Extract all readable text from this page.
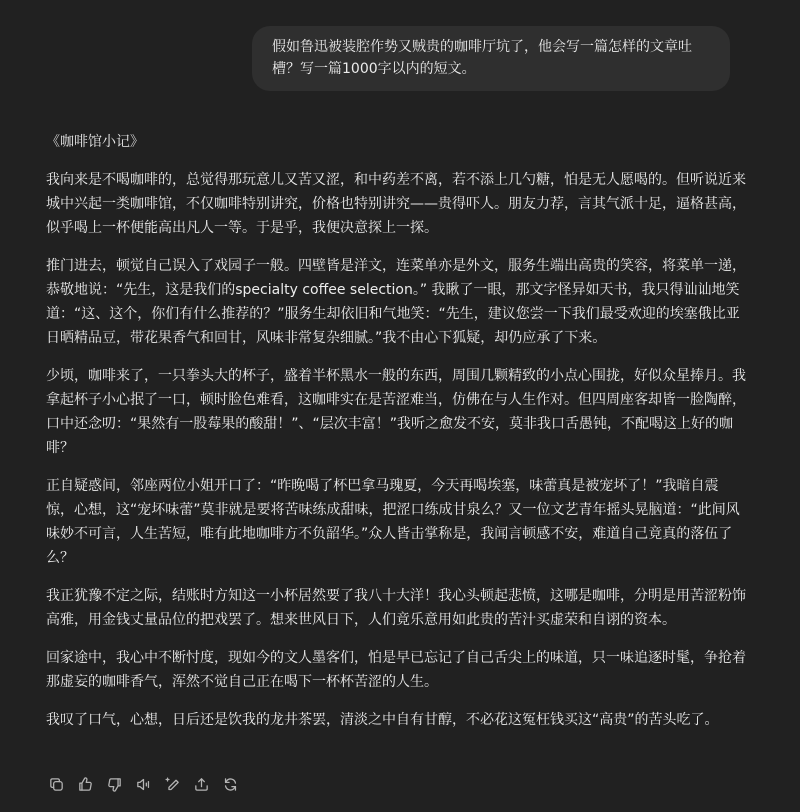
假如鲁迅被装腔作势又贼贵的咖啡厅坑了，他会写一篇怎样的文章吐槽？写一篇1000字以内的短文。

《咖啡馆小记》

我向来是不喝咖啡的，总觉得那玩意儿又苦又涩，和中药差不离，若不添上几勺糖，怕是无人愿喝的。但听说近来城中兴起一类咖啡馆，不仅咖啡特别讲究，价格也特别讲究——贵得吓人。朋友力荐，言其气派十足，逼格甚高，似乎喝上一杯便能高出凡人一等。于是乎，我便决意探上一探。

推门进去，顿觉自己误入了戏园子一般。四壁皆是洋文，连菜单亦是外文，服务生端出高贵的笑容，将菜单一递，恭敬地说：“先生，这是我们的specialty coffee selection。” 我瞅了一眼，那文字怪异如天书，我只得讪讪地笑道：“这、这个，你们有什么推荐的？”服务生却依旧和气地笑：“先生，建议您尝一下我们最受欢迎的埃塞俄比亚日晒精品豆，带花果香气和回甘，风味非常复杂细腻。”我不由心下狐疑，却仍应承了下来。

少顷，咖啡来了，一只拳头大的杯子，盛着半杯黑水一般的东西，周围几颗精致的小点心围拢，好似众星捧月。我拿起杯子小心抿了一口，顿时脸色难看，这咖啡实在是苦涩难当，仿佛在与人生作对。但四周座客却皆一脸陶醉，口中还念叨：“果然有一股莓果的酸甜！”、“层次丰富！”我听之愈发不安，莫非我口舌愚钝，不配喝这上好的咖啡？

正自疑惑间，邻座两位小姐开口了：“昨晚喝了杯巴拿马瑰夏，今天再喝埃塞，味蕾真是被宠坏了！”我暗自震惊，心想，这“宠坏味蕾”莫非就是要将苦味练成甜味，把涩口练成甘泉么？又一位文艺青年摇头晃脑道：“此间风味妙不可言，人生苦短，唯有此地咖啡方不负韶华。”众人皆击掌称是，我闻言顿感不安，难道自己竟真的落伍了么？

我正犹豫不定之际，结账时方知这一小杯居然要了我八十大洋！我心头顿起悲愤，这哪是咖啡，分明是用苦涩粉饰高雅，用金钱丈量品位的把戏罢了。想来世风日下，人们竟乐意用如此贵的苦汁买虚荣和自诩的资本。

回家途中，我心中不断忖度，现如今的文人墨客们，怕是早已忘记了自己舌尖上的味道，只一味追逐时髦，争抢着那虚妄的咖啡香气，浑然不觉自己正在喝下一杯杯苦涩的人生。

我叹了口气，心想，日后还是饮我的龙井茶罢，清淡之中自有甘醇，不必花这冤枉钱买这“高贵”的苦头吃了。
